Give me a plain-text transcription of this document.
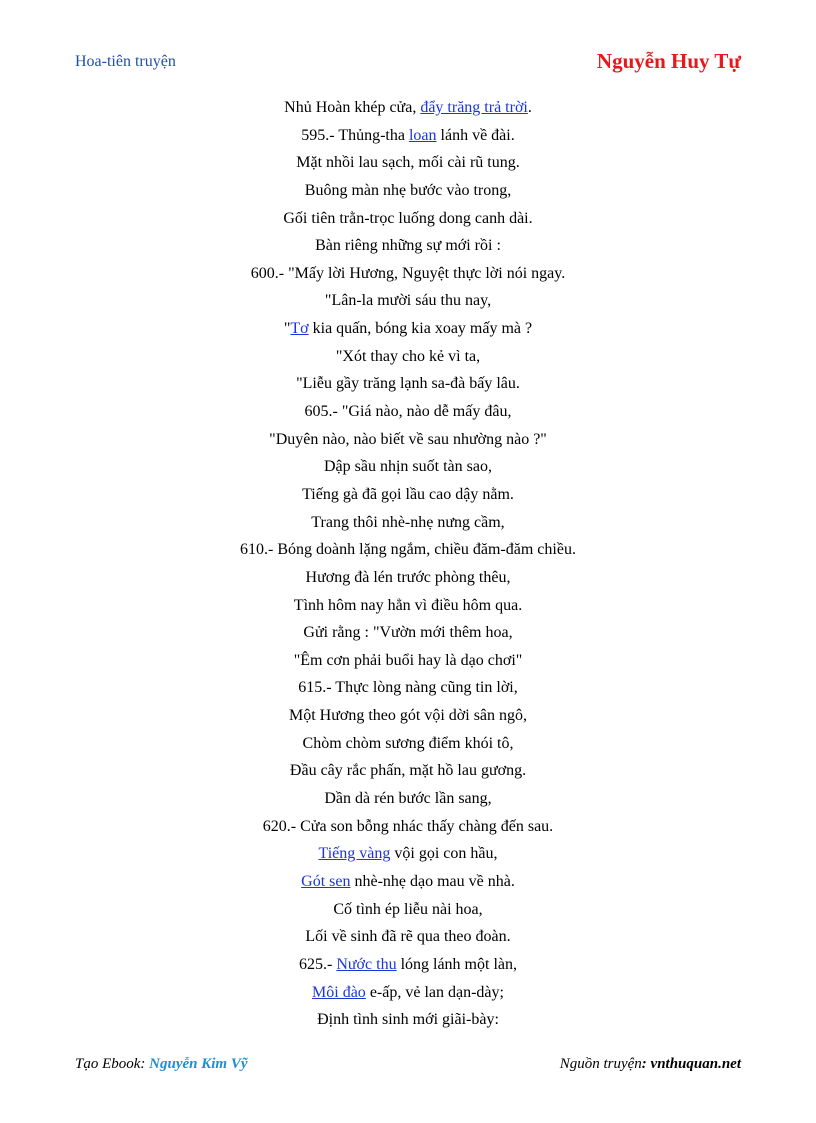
Hoa-tiên truyện	Nguyễn Huy Tự
Nhủ Hoàn khép cửa, đẩy trăng trả trời.
595.- Thủng-tha loan lánh về đài.
Mặt nhồi lau sạch, mối cài rũ tung.
Buông màn nhẹ bước vào trong,
Gối tiên trằn-trọc luống dong canh dài.
Bàn riêng những sự mới rồi :
600.- "Mấy lời Hương, Nguyệt thực lời nói ngay.
"Lân-la mười sáu thu nay,
"Tơ kia quấn, bóng kia xoay mấy mà ?
"Xót thay cho kẻ vì ta,
"Liễu gầy trăng lạnh sa-đà bấy lâu.
605.- "Giá nào, nào dễ mấy đâu,
"Duyên nào, nào biết về sau nhường nào ?"
Dập sầu nhịn suốt tàn sao,
Tiếng gà đã gọi lầu cao dậy nằm.
Trang thôi nhè-nhẹ nưng cầm,
610.- Bóng doành lặng ngắm, chiều đăm-đăm chiều.
Hương đà lén trước phòng thêu,
Tình hôm nay hẳn vì điều hôm qua.
Gửi rằng : "Vườn mới thêm hoa,
"Êm cơn phải buổi hay là dạo chơi"
615.- Thực lòng nàng cũng tin lời,
Một Hương theo gót vội dời sân ngô,
Chòm chòm sương điểm khói tô,
Đầu cây rắc phấn, mặt hồ lau gương.
Dần dà rén bước lần sang,
620.- Cửa son bỗng nhác thấy chàng đến sau.
Tiếng vàng vội gọi con hầu,
Gót sen nhè-nhẹ dạo mau về nhà.
Cố tình ép liễu nài hoa,
Lối về sinh đã rẽ qua theo đoàn.
625.- Nước thu lóng lánh một làn,
Môi đào e-ấp, vẻ lan dạn-dày;
Định tình sinh mới giãi-bày:
Tạo Ebook: Nguyễn Kim Vỹ	Nguồn truyện: vnthuquan.net
